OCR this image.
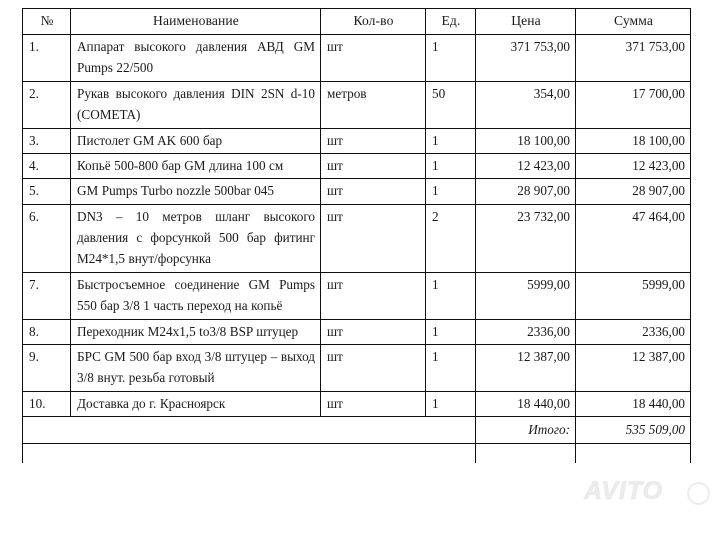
№	Наименование	Кол-во	Ед.	Цена	Сумма
1.	Аппарат высокого давления АВД GM Pumps 22/500	шт	1	371 753,00	371 753,00
2.	Рукав высокого давления DIN 2SN d-10 (COMETA)	метров	50	354,00	17 700,00
3.	Пистолет GM AK 600 бар	шт	1	18 100,00	18 100,00
4.	Копьё 500-800 бар GM длина 100 см	шт	1	12 423,00	12 423,00
5.	GM Pumps Turbo nozzle 500bar 045	шт	1	28 907,00	28 907,00
6.	DN3 – 10 метров шланг высокого давления с форсункой 500 бар фитинг M24*1,5 внут/форсунка	шт	2	23 732,00	47 464,00
7.	Быстросъемное соединение GM Pumps 550 бар 3/8 1 часть переход на копьё	шт	1	5999,00	5999,00
8.	Переходник M24x1,5 to3/8 BSP штуцер	шт	1	2336,00	2336,00
9.	БРС GM 500 бар вход 3/8 штуцер – выход 3/8 внут. резьба готовый	шт	1	12 387,00	12 387,00
10.	Доставка до г. Красноярск	шт	1	18 440,00	18 440,00
				Итого:	535 509,00

AVITO
